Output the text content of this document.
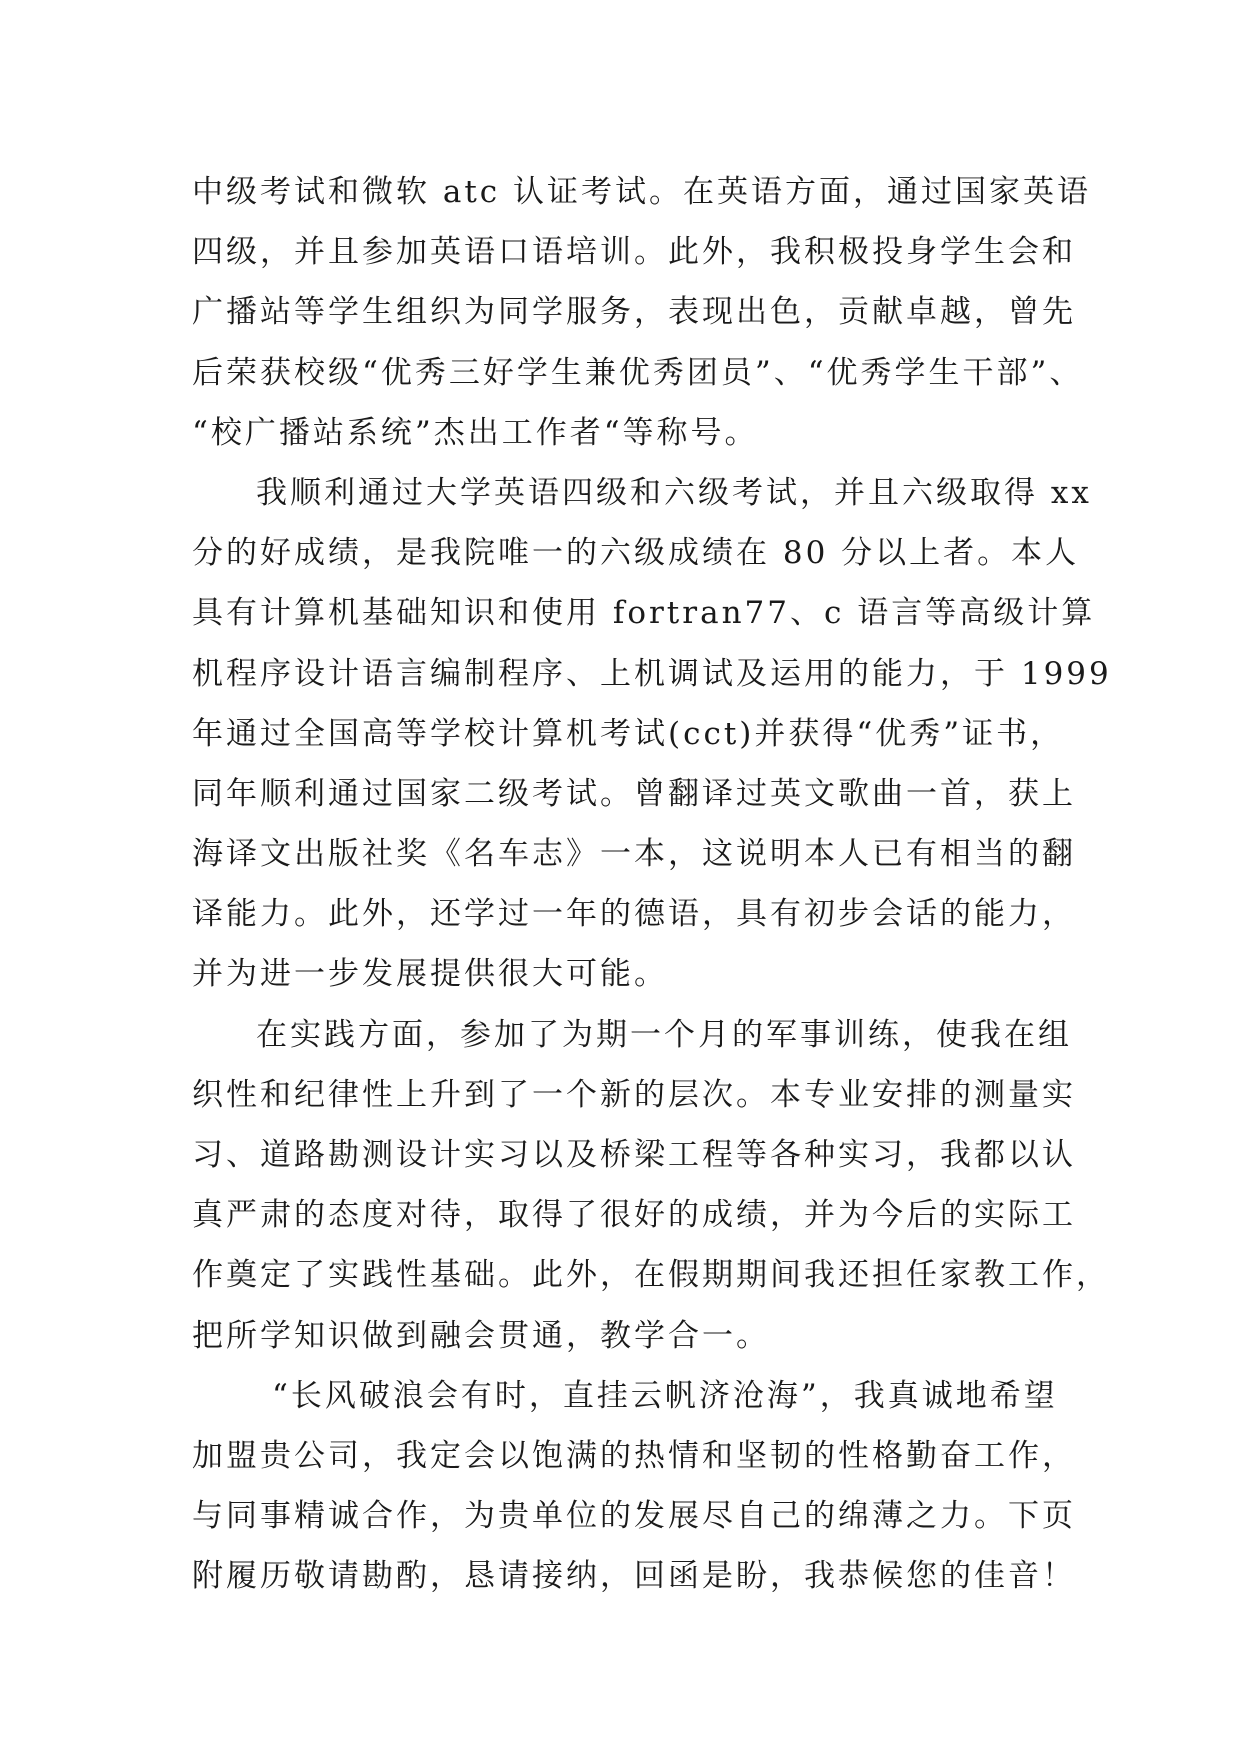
中级考试和微软 atc 认证考试。在英语方面，通过国家英语
四级，并且参加英语口语培训。此外，我积极投身学生会和
广播站等学生组织为同学服务，表现出色，贡献卓越，曾先
后荣获校级“优秀三好学生兼优秀团员”、“优秀学生干部”、
“校广播站系统”杰出工作者“等称号。
我顺利通过大学英语四级和六级考试，并且六级取得 xx
分的好成绩，是我院唯一的六级成绩在 80 分以上者。本人
具有计算机基础知识和使用 fortran77、c 语言等高级计算
机程序设计语言编制程序、上机调试及运用的能力，于 1999
年通过全国高等学校计算机考试(cct)并获得“优秀”证书，
同年顺利通过国家二级考试。曾翻译过英文歌曲一首，获上
海译文出版社奖《名车志》一本，这说明本人已有相当的翻
译能力。此外，还学过一年的德语，具有初步会话的能力，
并为进一步发展提供很大可能。
在实践方面，参加了为期一个月的军事训练，使我在组
织性和纪律性上升到了一个新的层次。本专业安排的测量实
习、道路勘测设计实习以及桥梁工程等各种实习，我都以认
真严肃的态度对待，取得了很好的成绩，并为今后的实际工
作奠定了实践性基础。此外，在假期期间我还担任家教工作，
把所学知识做到融会贯通，教学合一。
“长风破浪会有时，直挂云帆济沧海”，我真诚地希望
加盟贵公司，我定会以饱满的热情和坚韧的性格勤奋工作，
与同事精诚合作，为贵单位的发展尽自己的绵薄之力。下页
附履历敬请勘酌，恳请接纳，回函是盼，我恭候您的佳音！
